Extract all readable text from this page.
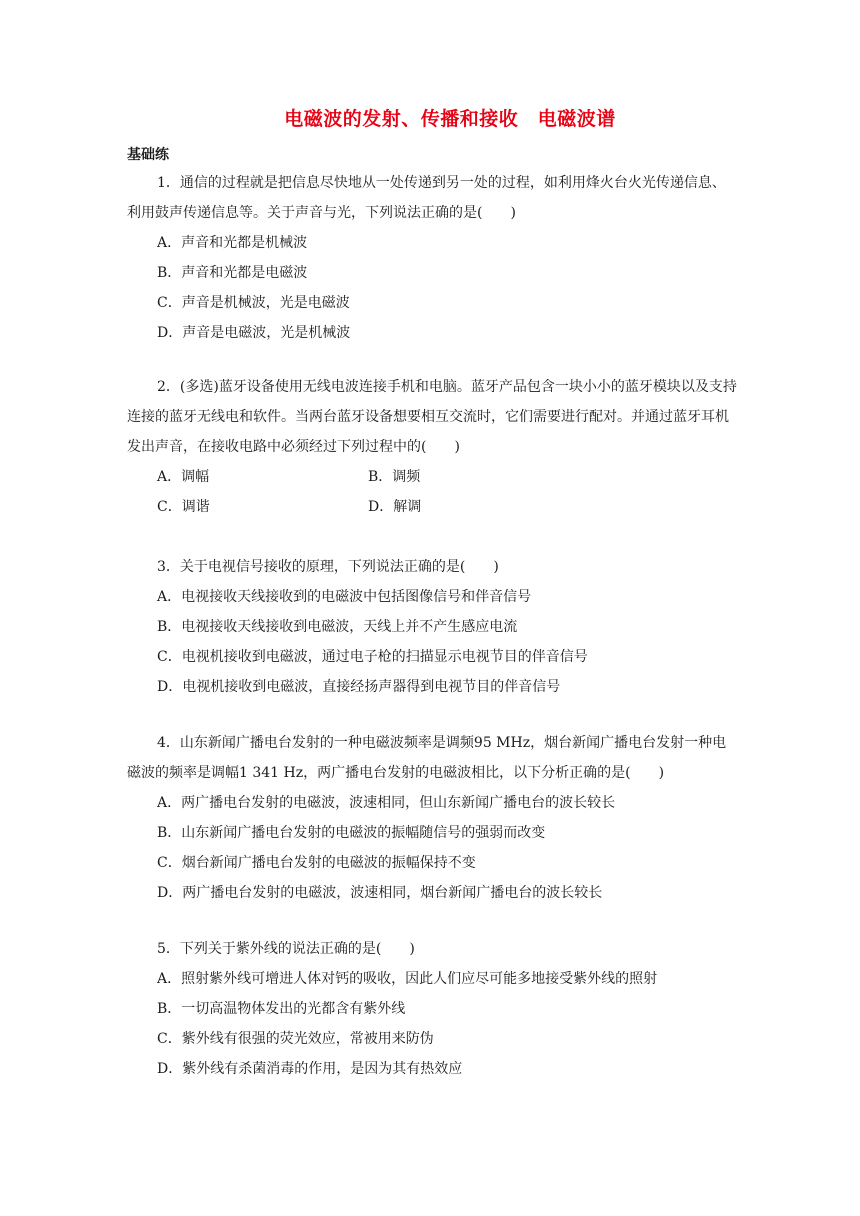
电磁波的发射、传播和接收　电磁波谱
基础练

1．通信的过程就是把信息尽快地从一处传递到另一处的过程，如利用烽火台火光传递信息、利用鼓声传递信息等。关于声音与光，下列说法正确的是(　　)

A．声音和光都是机械波

B．声音和光都是电磁波

C．声音是机械波，光是电磁波

D．声音是电磁波，光是机械波

2．(多选)蓝牙设备使用无线电波连接手机和电脑。蓝牙产品包含一块小小的蓝牙模块以及支持连接的蓝牙无线电和软件。当两台蓝牙设备想要相互交流时，它们需要进行配对。并通过蓝牙耳机发出声音，在接收电路中必须经过下列过程中的(　　)

A．调幅	B．调频
C．调谐	D．解调

3．关于电视信号接收的原理，下列说法正确的是(　　)

A．电视接收天线接收到的电磁波中包括图像信号和伴音信号

B．电视接收天线接收到电磁波，天线上并不产生感应电流

C．电视机接收到电磁波，通过电子枪的扫描显示电视节目的伴音信号

D．电视机接收到电磁波，直接经扬声器得到电视节目的伴音信号

4．山东新闻广播电台发射的一种电磁波频率是调频95 MHz，烟台新闻广播电台发射一种电磁波的频率是调幅1 341 Hz，两广播电台发射的电磁波相比，以下分析正确的是(　　)

A．两广播电台发射的电磁波，波速相同，但山东新闻广播电台的波长较长

B．山东新闻广播电台发射的电磁波的振幅随信号的强弱而改变

C．烟台新闻广播电台发射的电磁波的振幅保持不变

D．两广播电台发射的电磁波，波速相同，烟台新闻广播电台的波长较长

5．下列关于紫外线的说法正确的是(　　)

A．照射紫外线可增进人体对钙的吸收，因此人们应尽可能多地接受紫外线的照射

B．一切高温物体发出的光都含有紫外线

C．紫外线有很强的荧光效应，常被用来防伪

D．紫外线有杀菌消毒的作用，是因为其有热效应
